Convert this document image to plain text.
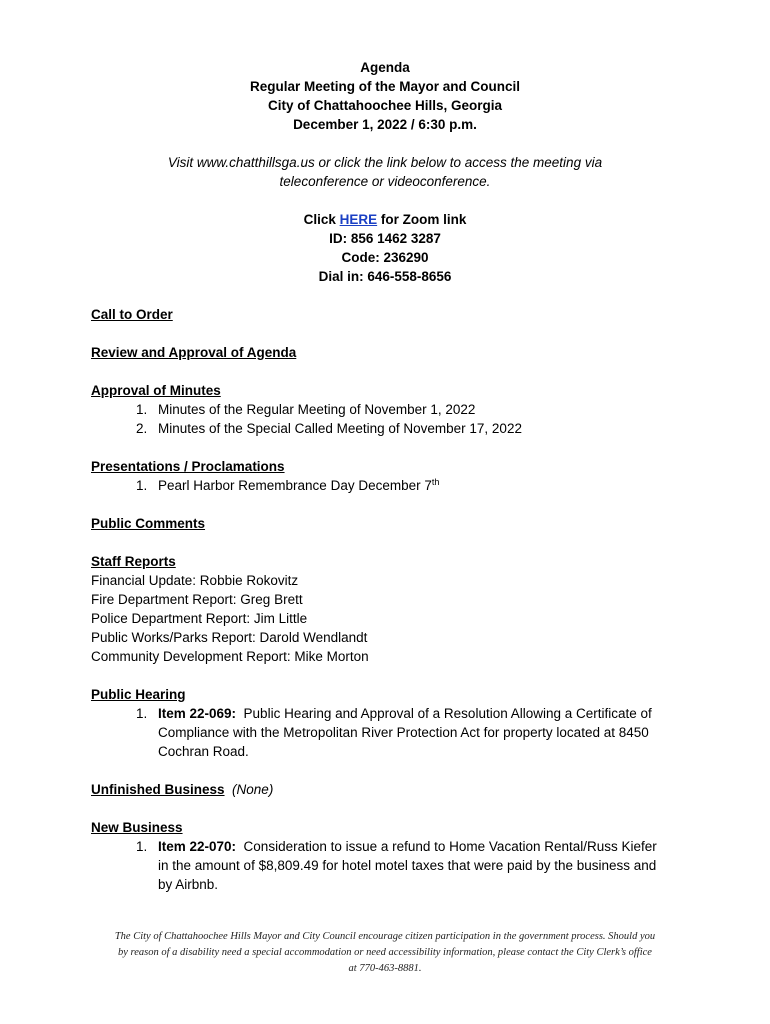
Agenda
Regular Meeting of the Mayor and Council
City of Chattahoochee Hills, Georgia
December 1, 2022 / 6:30 p.m.
Visit www.chatthillsga.us or click the link below to access the meeting via
teleconference or videoconference.
Click HERE for Zoom link
ID: 856 1462 3287
Code: 236290
Dial in: 646-558-8656
Call to Order
Review and Approval of Agenda
Approval of Minutes
1. Minutes of the Regular Meeting of November 1, 2022
2. Minutes of the Special Called Meeting of November 17, 2022
Presentations / Proclamations
1. Pearl Harbor Remembrance Day December 7th
Public Comments
Staff Reports
Financial Update: Robbie Rokovitz
Fire Department Report: Greg Brett
Police Department Report: Jim Little
Public Works/Parks Report: Darold Wendlandt
Community Development Report: Mike Morton
Public Hearing
1. Item 22-069:  Public Hearing and Approval of a Resolution Allowing a Certificate of
Compliance with the Metropolitan River Protection Act for property located at 8450
Cochran Road.
Unfinished Business (None)
New Business
1. Item 22-070:  Consideration to issue a refund to Home Vacation Rental/Russ Kiefer
in the amount of $8,809.49 for hotel motel taxes that were paid by the business and
by Airbnb.
The City of Chattahoochee Hills Mayor and City Council encourage citizen participation in the government process. Should you
by reason of a disability need a special accommodation or need accessibility information, please contact the City Clerk’s office
at 770-463-8881.
